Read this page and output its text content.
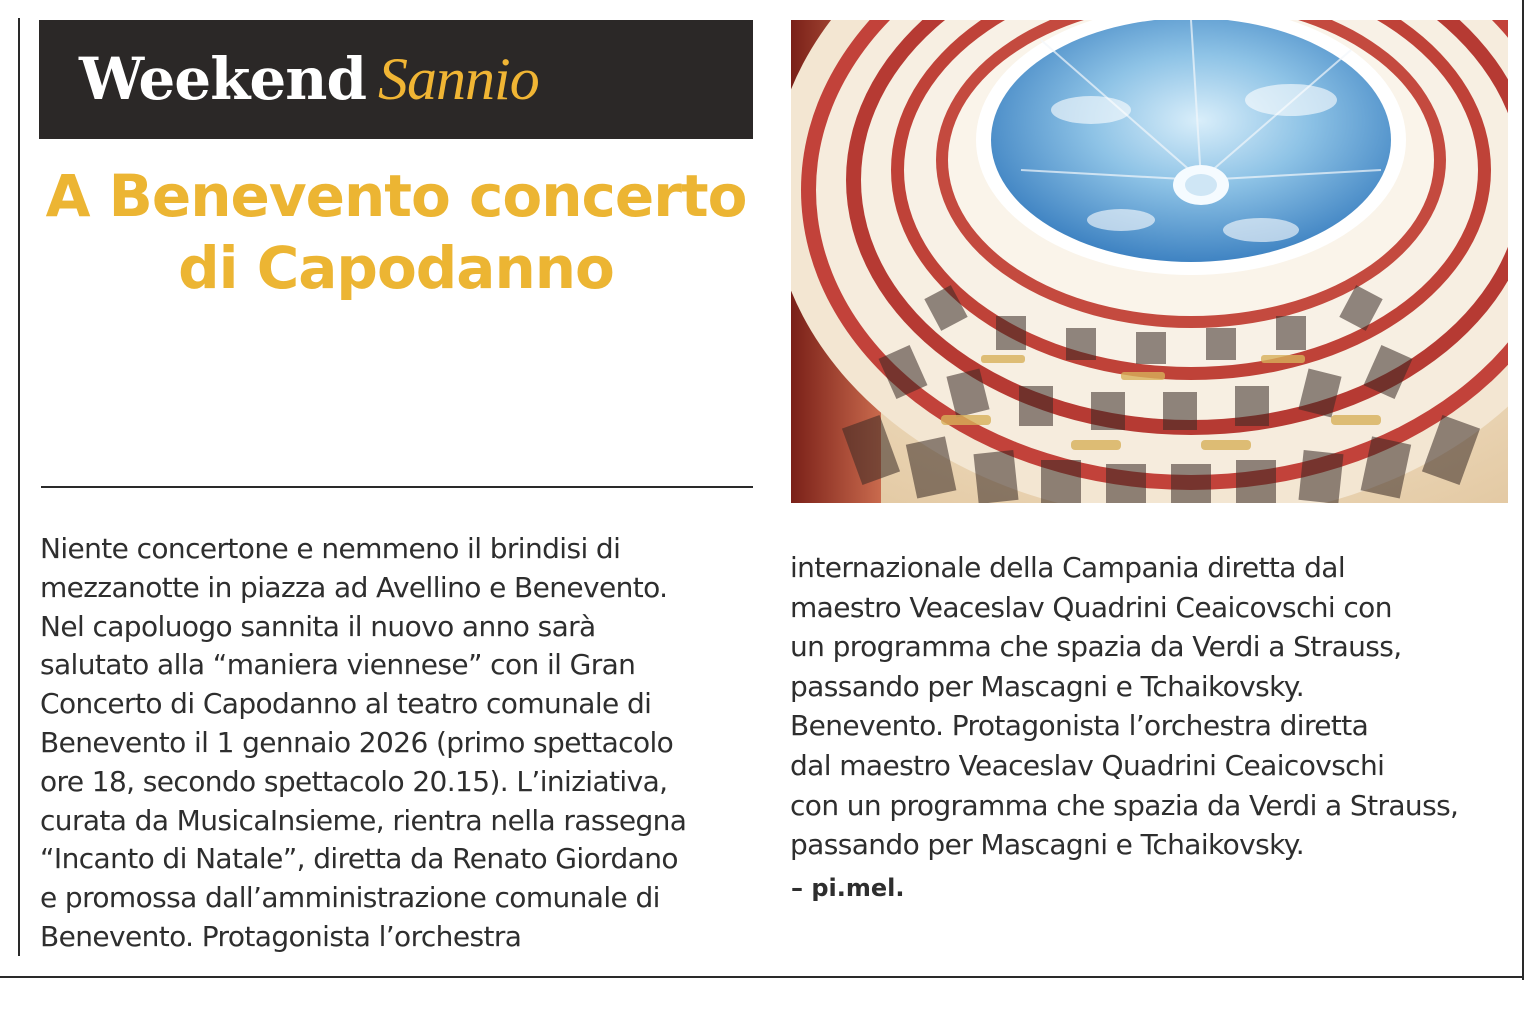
Weekend Sannio
A Benevento concerto
di Capodanno

Niente concertone e nemmeno il brindisi di
mezzanotte in piazza ad Avellino e Benevento.
Nel capoluogo sannita il nuovo anno sarà
salutato alla “maniera viennese” con il Gran
Concerto di Capodanno al teatro comunale di
Benevento il 1 gennaio 2026 (primo spettacolo
ore 18, secondo spettacolo 20.15). L’iniziativa,
curata da MusicaInsieme, rientra nella rassegna
“Incanto di Natale”, diretta da Renato Giordano
e promossa dall’amministrazione comunale di
Benevento. Protagonista l’orchestra

internazionale della Campania diretta dal
maestro Veaceslav Quadrini Ceaicovschi con
un programma che spazia da Verdi a Strauss,
passando per Mascagni e Tchaikovsky.
Benevento. Protagonista l’orchestra diretta
dal maestro Veaceslav Quadrini Ceaicovschi
con un programma che spazia da Verdi a Strauss,
passando per Mascagni e Tchaikovsky.

– pi.mel.
